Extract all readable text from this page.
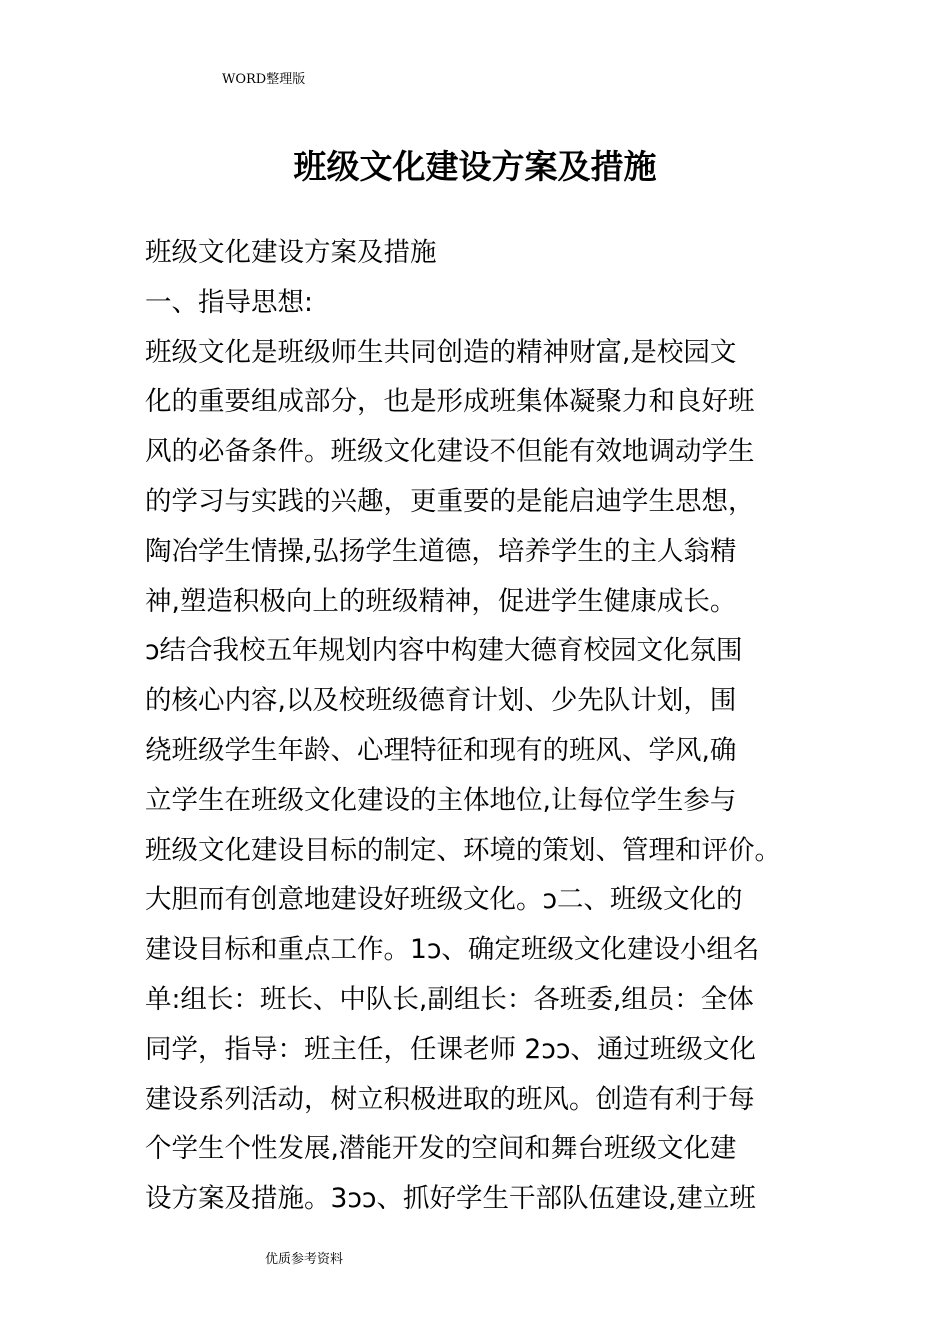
WORD整理版
班级文化建设方案及措施
班级文化建设方案及措施
一、指导思想:
班级文化是班级师生共同创造的精神财富,是校园文
化的重要组成部分，也是形成班集体凝聚力和良好班
风的必备条件。班级文化建设不但能有效地调动学生
的学习与实践的兴趣，更重要的是能启迪学生思想，
陶冶学生情操,弘扬学生道德，培养学生的主人翁精
神,塑造积极向上的班级精神，促进学生健康成长。
ↄ结合我校五年规划内容中构建大德育校园文化氛围
的核心内容,以及校班级德育计划、少先队计划，围
绕班级学生年龄、心理特征和现有的班风、学风,确
立学生在班级文化建设的主体地位,让每位学生参与
班级文化建设目标的制定、环境的策划、管理和评价。
大胆而有创意地建设好班级文化。ↄ二、班级文化的
建设目标和重点工作。1ↄ、确定班级文化建设小组名
单:组长：班长、中队长,副组长：各班委,组员：全体
同学，指导：班主任，任课老师 2ↄↄ、通过班级文化
建设系列活动，树立积极进取的班风。创造有利于每
个学生个性发展,潜能开发的空间和舞台班级文化建
设方案及措施。3ↄↄ、抓好学生干部队伍建设,建立班
优质参考资料
